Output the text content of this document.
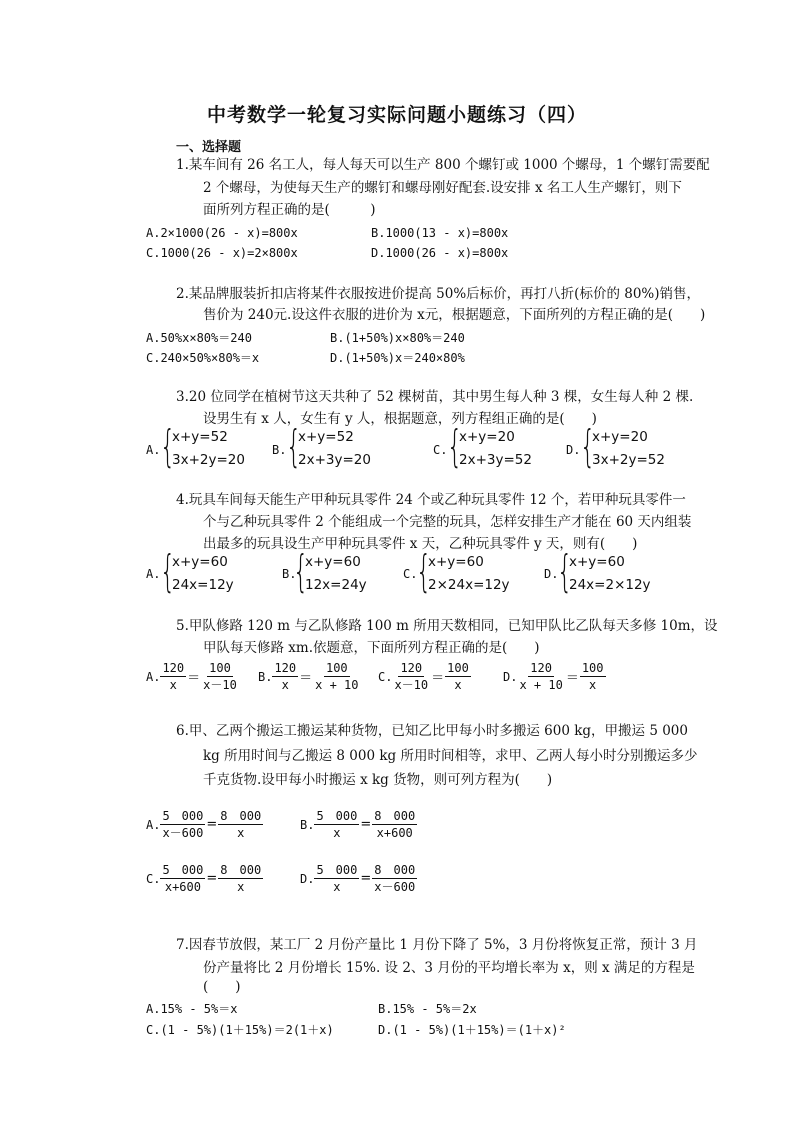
中考数学一轮复习实际问题小题练习（四）
一、选择题
1.某车间有 26 名工人，每人每天可以生产 800 个螺钉或 1000 个螺母，1 个螺钉需要配
2 个螺母，为使每天生产的螺钉和螺母刚好配套.设安排 x 名工人生产螺钉，则下
面所列方程正确的是(　　　)
A.2×1000(26 - x)=800x	B.1000(13 - x)=800x
C.1000(26 - x)=2×800x	D.1000(26 - x)=800x
2.某品牌服装折扣店将某件衣服按进价提高 50%后标价，再打八折(标价的 80%)销售，
售价为 240元.设这件衣服的进价为 x元，根据题意，下面所列的方程正确的是(　　)
A.50%x×80%＝240	B.(1+50%)x×80%＝240
C.240×50%×80%＝x	D.(1+50%)x＝240×80%
3.20 位同学在植树节这天共种了 52 棵树苗，其中男生每人种 3 棵，女生每人种 2 棵.
设男生有 x 人，女生有 y 人，根据题意，列方程组正确的是(　　)
A. {
x+y=52
3x+2y=20
B. {
x+y=52
2x+3y=20
C. {
x+y=20
2x+3y=52
D. {
x+y=20
3x+2y=52
4.玩具车间每天能生产甲种玩具零件 24 个或乙种玩具零件 12 个，若甲种玩具零件一
个与乙种玩具零件 2 个能组成一个完整的玩具，怎样安排生产才能在 60 天内组装
出最多的玩具设生产甲种玩具零件 x 天，乙种玩具零件 y 天，则有(　　)
A. {
x+y=60
24x=12y
B.
{
x+y=60
12x=24y
C.
{
x+y=60
2×24x=12y
D.
{
x+y=60
24x=2×12y
5.甲队修路 120 m 与乙队修路 100 m 所用天数相同，已知甲队比乙队每天多修 10m，设
甲队每天修路 xm.依题意，下面所列方程正确的是(　　)
A. $\frac{120}{x} = \frac{100}{x-10} B$. $\frac{120}{x} = \frac{100}{x + 10} C$. $\frac{120}{x-10} = \frac{100}{x}$	D. $\frac{120}{x + 10} = \frac{100}{x}$
6.甲、乙两个搬运工搬运某种货物，已知乙比甲每小时多搬运 600 kg，甲搬运 5 000
kg 所用时间与乙搬运 8 000 kg 所用时间相等，求甲、乙两人每小时分别搬运多少
千克货物.设甲每小时搬运 x kg 货物，则可列方程为(　　)
A. $\frac{5 000}{x-600} = \frac{8 000}{x}$	B. $\frac{5 000}{x} = \frac{8 000}{x+600}$
C. $\frac{5 000}{x+600} = \frac{8 000}{x}$	D. $\frac{5 000}{x} = \frac{8 000}{x-600}$
7.因春节放假，某工厂 2 月份产量比 1 月份下降了 5%，3 月份将恢复正常，预计 3 月
份产量将比 2 月份增长 15%. 设 2、3 月份的平均增长率为 x，则 x 满足的方程是
(　　)
A.15% - 5%＝x	B.15% - 5%＝2x
C.(1 - 5%)(1＋15%)＝2(1＋x)	D.(1 - 5%)(1＋15%)＝(1＋x)²
